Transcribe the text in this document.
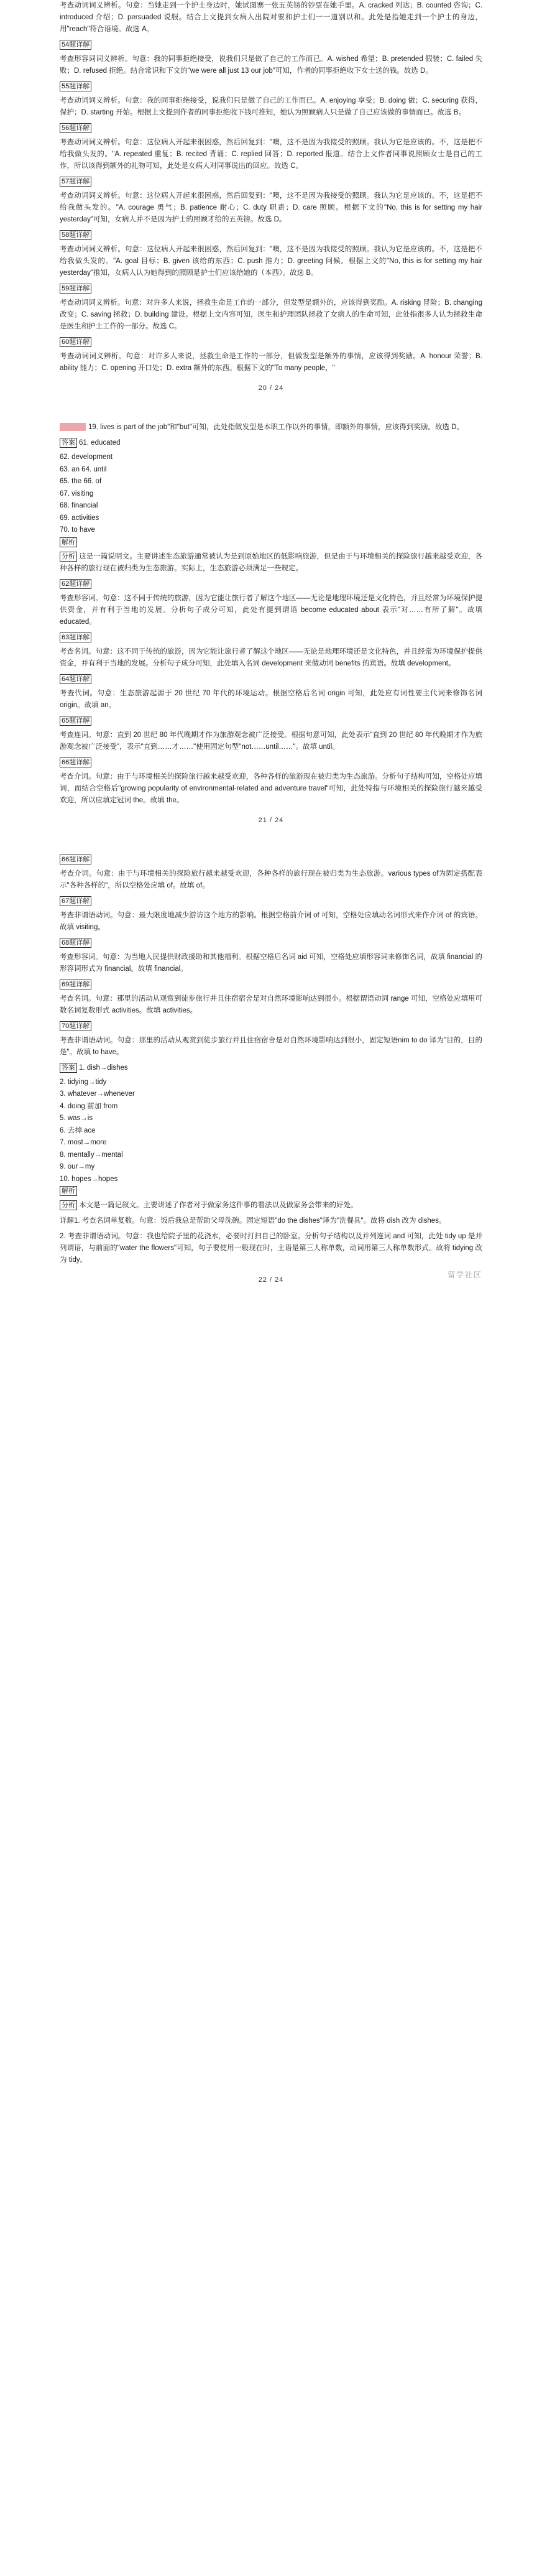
考查动词词义辨析。句意：当她走到一个护士身边时，她试图寨一张五英镑的钞票在她手里。A. cracked 列达；B. counted 咨询；C. introduced 介绍；D. persuaded 说服。结合上文提到女病人出院对要和护士们一一道别以和。此处是指她走到一个护士的身边，用"reach"符合语境。故选 A。

54题详解

考查形容词词义辨析。句意：我的同事拒绝接受，说我们只是做了自己的工作而已。A. wished 希望；B. pretended 假装；C. failed 失败；D. refused 拒绝。结合常识和下文的"we were all just 13 our job"可知，作者的同事拒绝收下女士送的钱。故选 D。

55题详解

考查动词词义辨析。句意：我的同事拒绝接受，说我们只是做了自己的工作而已。A. enjoying 享受；B. doing 做；C. securing 获得，保护；D. starting 开始。根据上文提到作者的同事拒绝收下钱可推知，她认为照顾病人只是做了自己应该做的事情而已。故选 B。

56题详解

考查动词词义辨析。句意：这位病人开起来很困惑，然后回复到："噢，这不是因为我接受的照顾。我认为它是应该的。不，这是把不给我做头发的。"A. repeated 重复；B. recited 背诵；C. replied 回答；D. reported 报道。结合上文作者同事说照顾女士是自己的工作，所以该得到额外的礼物可知，此处是女病人对同事说出的回应。故选 C。

57题详解

考查动词词义辨析。句意：这位病人开起来很困惑，然后回复到："噢，这不是因为我接受的照顾。我认为它是应该的。不，这是把不给我做头发的。"A. courage 勇气；B. patience 耐心；C. duty 职责；D. care 照顾。根据下文的"No, this is for setting my hair yesterday"可知，女病人并不是因为护士的照顾才给的五英镑。故选 D。

58题详解

考查动词词义辨析。句意：这位病人开起来很困惑，然后回复到："噢，这不是因为我接受的照顾。我认为它是应该的。不，这是把不给我做头发的。"A. goal 目标；B. given 该给的东西；C. push 推力；D. greeting 问候。根据上文的"No, this is for setting my hair yesterday"推知，女病人认为她得到的照顾是护士们应该给她的（本西）。故选 B。

59题详解

考查动词词义辨析。句意：对许多人来说，拯救生命是工作的一部分，但发型是额外的，应该得到奖励。A. risking 冒险；B. changing 改变；C. saving 拯救；D. building 建设。根据上文内容可知，医生和护理团队拯救了女病人的生命可知，此处指很多人认为拯救生命是医生和护士工作的一部分。故选 C。

60题详解

考查动词词义辨析。句意：对许多人来说，拯救生命是工作的一部分，但做发型是额外的事情，应该得到奖励。A. honour 荣誉；B. ability 能力；C. opening 开口处；D. extra 额外的东西。根据下文的"To many people，"

20 / 24

19. lives is part of the job"和"but"可知，此处指做发型是本职工作以外的事情，即额外的事情，应该得到奖励。故选 D。

答案 61. educated

62. development

63. an 64. until

65. the 66. of

67. visiting

68. financial

69. activities

70. to have

解析

分析 这是一篇说明文。主要讲述生态旅游通常被认为是到原始地区的低影响旅游，但是由于与环境相关的探险旅行越来越受欢迎，各种各样的旅行现在被归类为生态旅游。实际上，生态旅游必须满足一些规定。

62题详解

考查形容词。句意：这不同于传统的旅游，因为它能让旅行者了解这个地区——无论是地理环境还是文化特色，并且经常为环境保护提供资金，并有利于当地的发展。分析句子成分可知，此处有提到谓语 become educated about 表示"对……有所了解"。故填 educated。

63题详解

考查名词。句意：这不同于传统的旅游，因为它能让旅行者了解这个地区——无论是地理环境还是文化特色，并且经常为环境保护提供资金，并有利于当地的发展。分析句子成分可知，此处填入名词 development 来做动词 benefits 的宾语。故填 development。

64题详解

考查代词。句意：生态旅游起源于 20 世纪 70 年代的环境运动。根据空格后名词 origin 可知，此处应有词性要主代词来修饰名词 origin。故填 an。

65题详解

考查连词。句意：直到 20 世纪 80 年代晚期才作为旅游观念被广泛接受。根据句意可知，此处表示"直到 20 世纪 80 年代晚期才作为旅游观念被广泛接受"，表示"直到……才……"使用固定句型"not……until……"。故填 until。

66题详解

考查介词。句意：由于与环境相关的探险旅行越来越受欢迎，各种各样的旅游现在被归类为生态旅游。分析句子结构可知，空格处应填词，而结合空格后"growing popularity of environmental-related and adventure travel"可知，此处特指与环境相关的探险旅行越来越受欢迎，所以应填定冠词 the。故填 the。

21 / 24

66题详解

考查介词。句意：由于与环境相关的探险旅行越来越受欢迎，各种各样的旅行现在被归类为生态旅游。various types of为固定搭配表示"各种各样的"，所以空格处应填 of。故填 of。

67题详解

考查非谓语动词。句意：最大限度地减少游访这个地方的影响。根据空格前介词 of 可知，空格处应填动名词形式来作介词 of 的宾语。故填 visiting。

68题详解

考查形容词。句意：为当地人民提供财政援助和其他福利。根据空格后名词 aid 可知，空格处应填形容词来修饰名词，故填 financial 的形容词形式为 financial。故填 financial。

69题详解

考查名词。句意：那里的活动从观赏到徒步旅行并且住宿宿舍是对自然环境影响达到很小。根据谓语动词 range 可知，空格处应填用可数名词复数形式 activities。故填 activities。

70题详解

考查非谓语动词。句意：那里的活动从观赏到徒步旅行并且住宿宿舍是对自然环境影响达到很小，固定短语nim to do 译为"目的，目的是"。故填 to have。

答案 1. dish→dishes

2. tidying→tidy

3. whatever→whenever

4. doing 前加 from

5. was→is

6. 去掉 ace

7. most→more

8. mentally→mental

9. our→my

10. hopes→hopes

解析

分析 本文是一篇记叙文。主要讲述了作者对于做家务这件事的看法以及做家务会带来的好处。

详解1. 考查名词单复数。句意：饭后我总是帮助父母洗碗。固定短语"do the dishes"译为"洗餐具"。故将 dish 改为 dishes。

2. 考查非谓语动词。句意：我也给院子里的花浇水，必要时打扫自己的卧室。分析句子结构以及并列连词 and 可知，此处 tidy up 是并列谓语，与前面的"water the flowers"可知，句子要使用一般现在时，主语是第三人称单数，动词用第三人称单数形式。故将 tidying 改为 tidy。

22 / 24
留学社区
